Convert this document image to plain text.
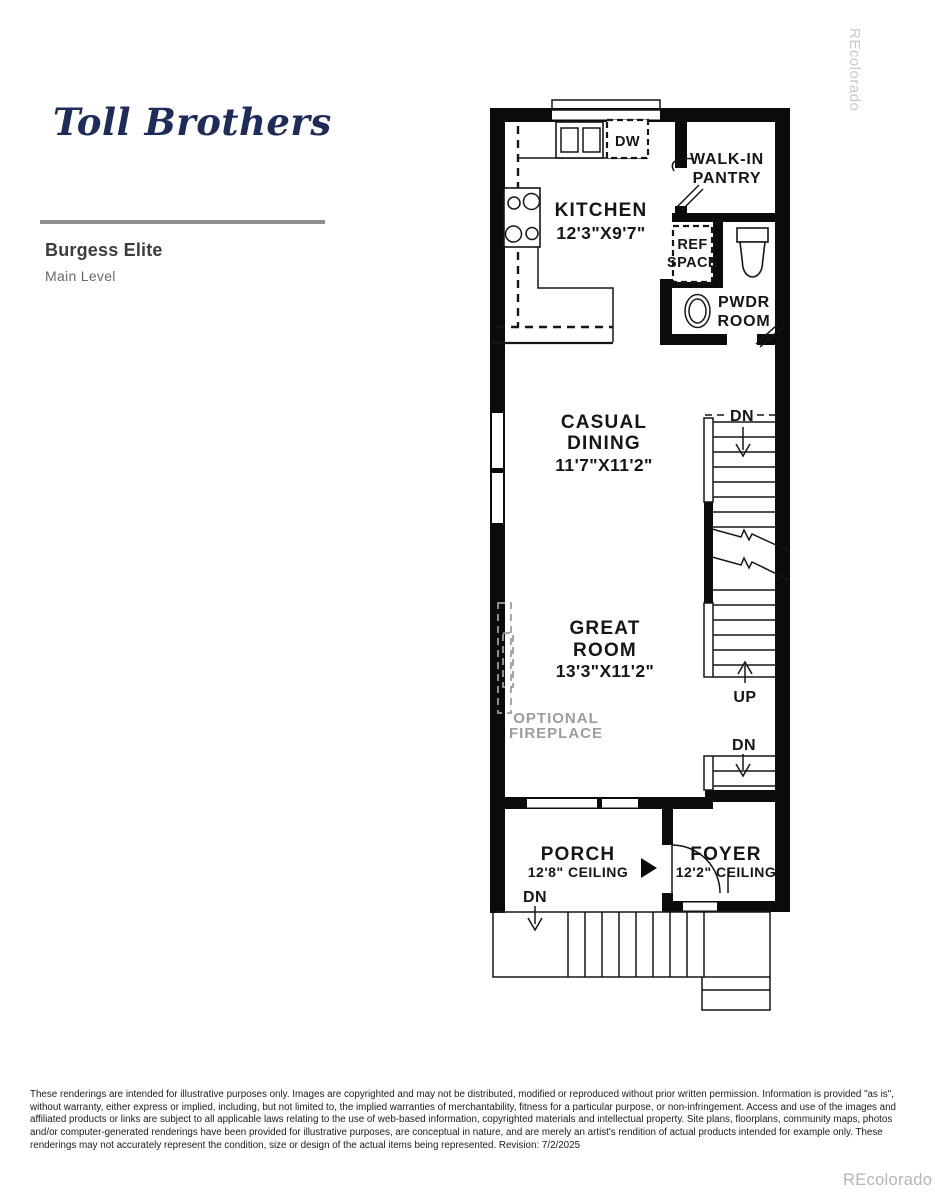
Toll Brothers
Burgess Elite
Main Level
REcolorado
REcolorado
These renderings are intended for illustrative purposes only. Images are copyrighted and may not be distributed, modified or reproduced without prior written permission. Information is provided "as is", without warranty, either express or implied, including, but not limited to, the implied warranties of merchantability, fitness for a particular purpose, or non-infringement. Access and use of the images and affiliated products or links are subject to all applicable laws relating to the use of web-based information, copyrighted materials and intellectual property. Site plans, floorplans, community maps, photos and/or computer-generated renderings have been provided for illustrative purposes, are conceptual in nature, and are merely an artist's rendition of actual products intended for example only. These renderings may not accurately represent the condition, size or design of the actual items being represented. Revision: 7/2/2025
DW
REF
SPACE
DN
UP
DN
OPTIONAL
FIREPLACE
DN
KITCHEN
12'3"X9'7"
WALK-IN
PANTRY
PWDR
ROOM
CASUAL
DINING
11'7"X11'2"
GREAT
ROOM
13'3"X11'2"
PORCH
12'8" CEILING
FOYER
12'2" CEILING
